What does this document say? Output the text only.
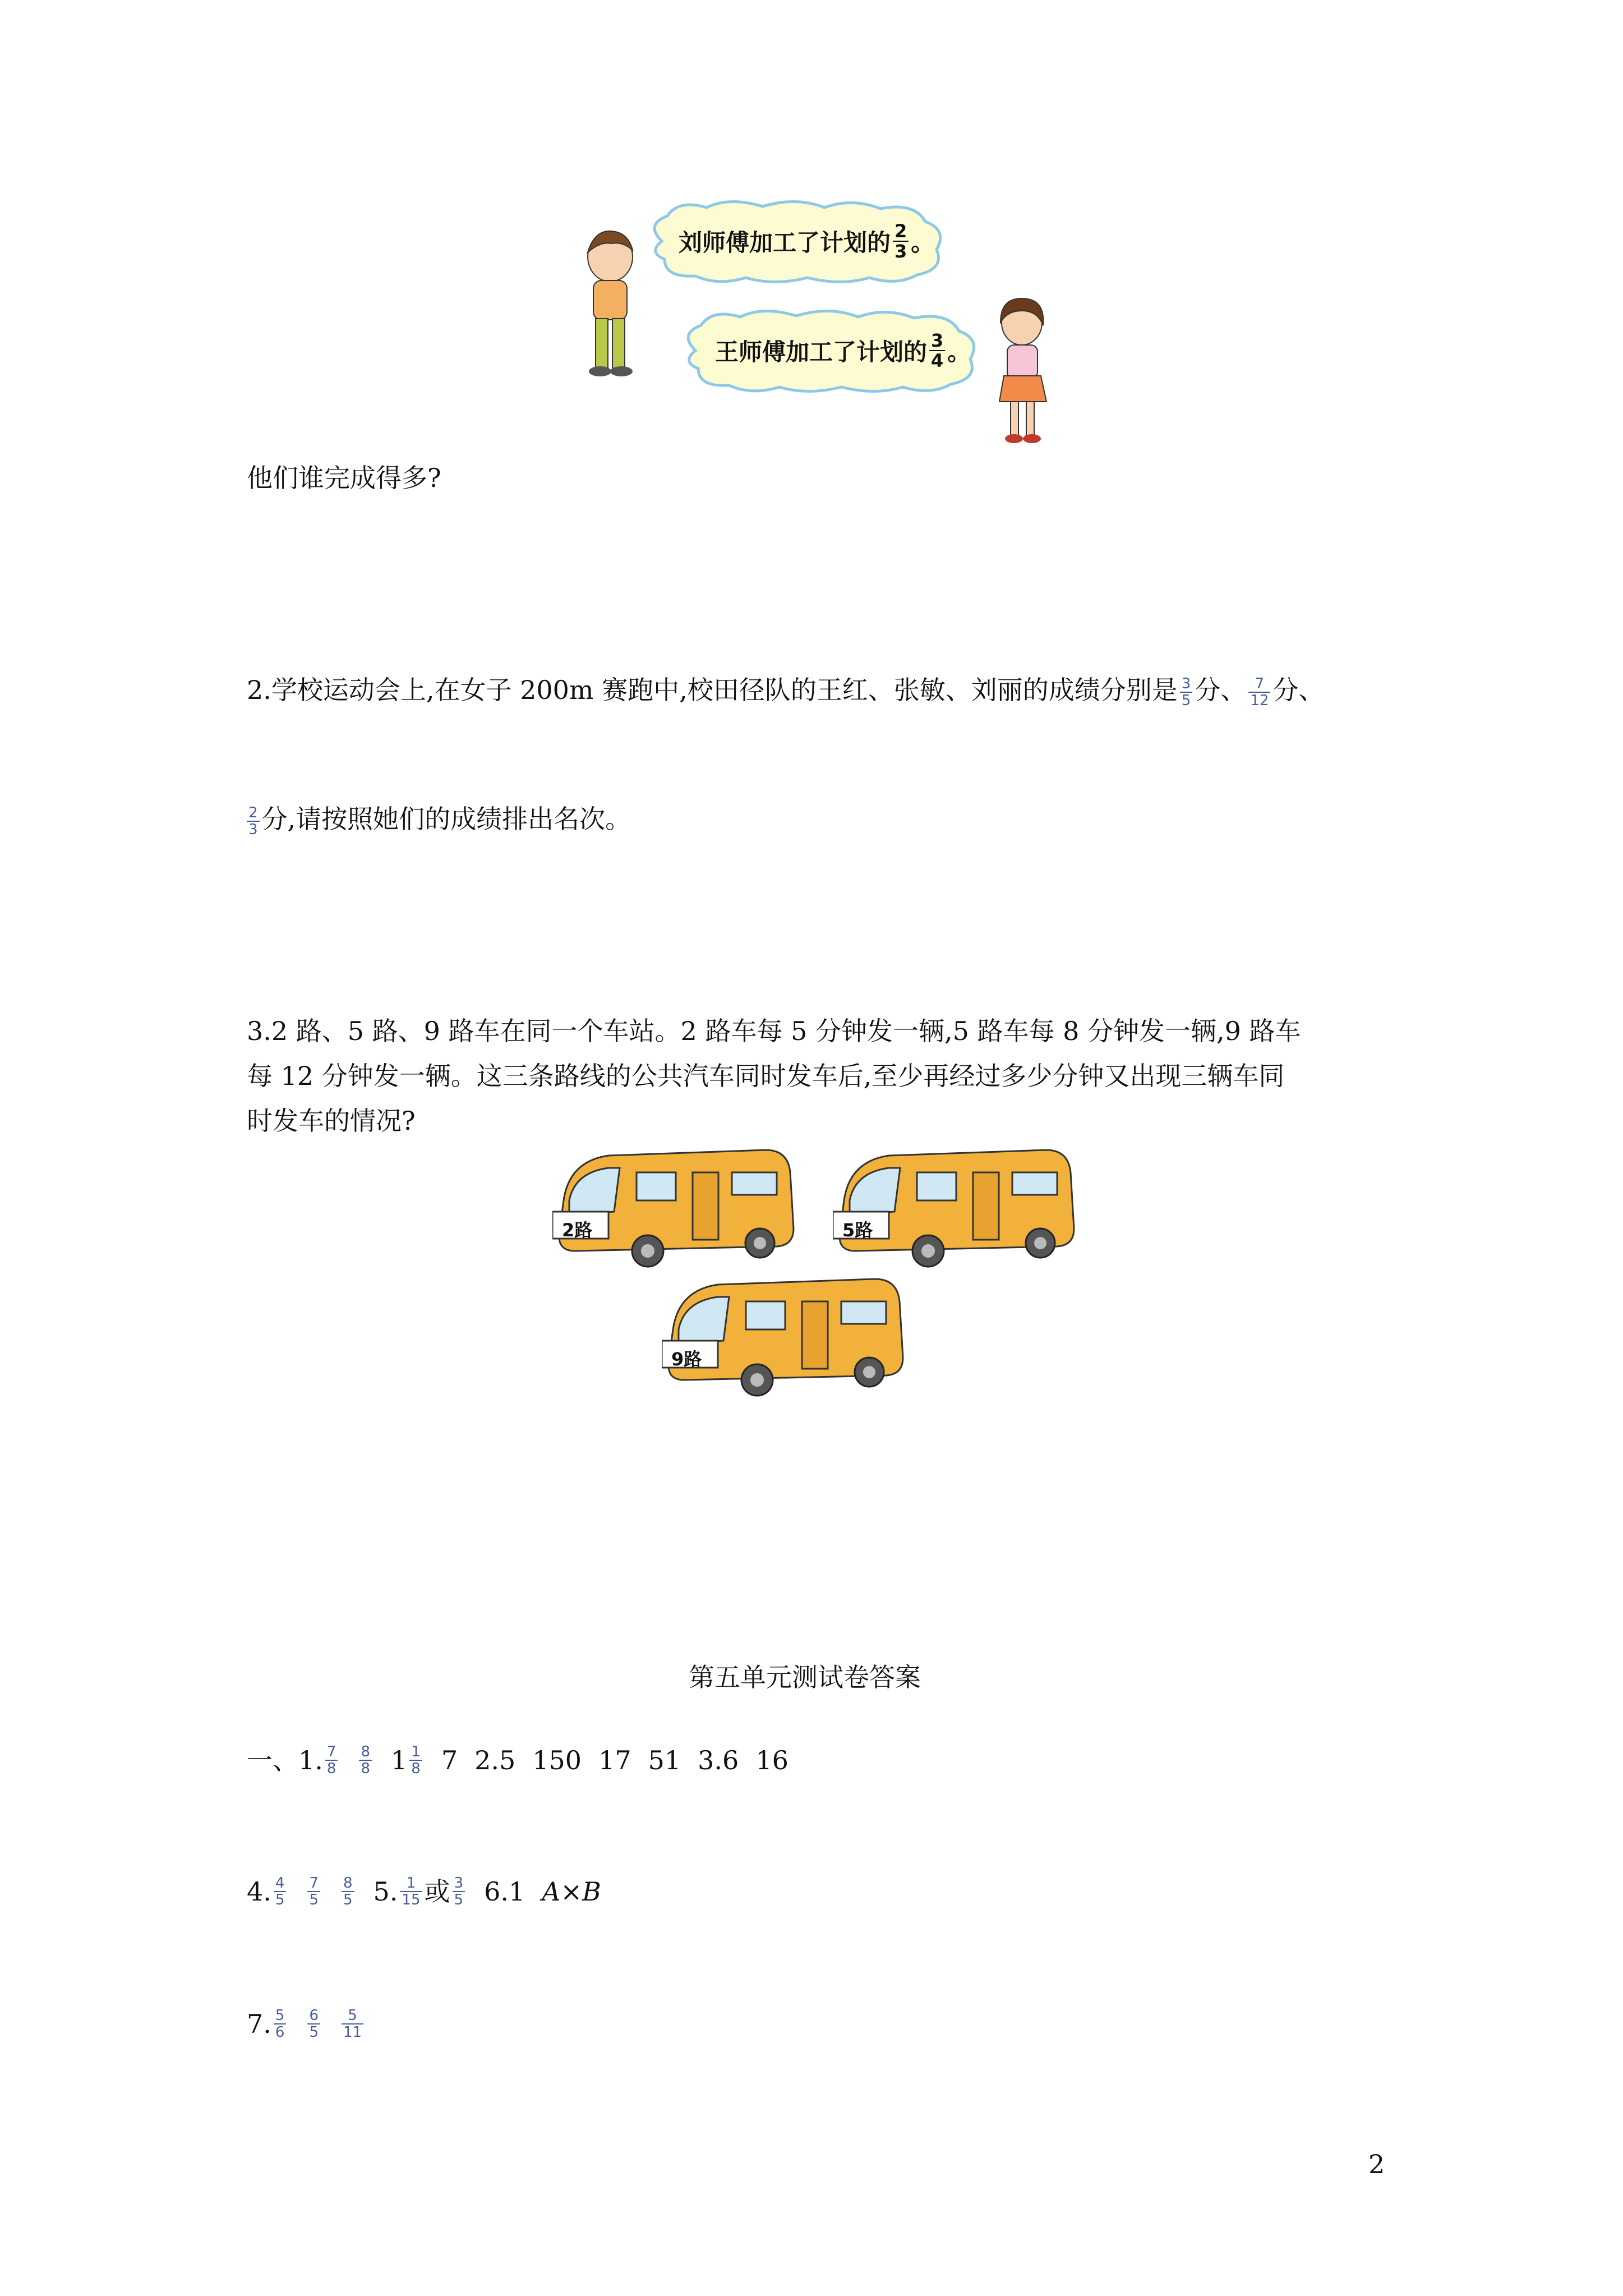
刘师傅加工了计划的 $\frac{2}{3}$ 。
王师傅加工了计划的 $\frac{3}{4}$ 。
他们谁完成得多?
2.学校运动会上,在女子 200m 赛跑中,校田径队的王红、张敏、刘丽的成绩分别是 $\frac{3}{5}$ 分、 $\frac{7}{12}$ 分、
$\frac{2}{3}$ 分,请按照她们的成绩排出名次。
3.2 路、5 路、9 路车在同一个车站。2 路车每 5 分钟发一辆,5 路车每 8 分钟发一辆,9 路车
每 12 分钟发一辆。这三条路线的公共汽车同时发车后,至少再经过多少分钟又出现三辆车同
时发车的情况?
2路	5路
9路
第五单元测试卷答案
一、1. $\frac{7}{8} \frac{8}{8} 1 \frac{1}{8} 7$ 2.5 150 17 51 3.6 16
4. $\frac{4}{5} \frac{7}{5} \frac{8}{5} 5$. $\frac{1}{15}$ 或 $\frac{3}{5} 6.1$ A×B
7. $\frac{5}{6} \frac{6}{5} \frac{5}{11}$
2
